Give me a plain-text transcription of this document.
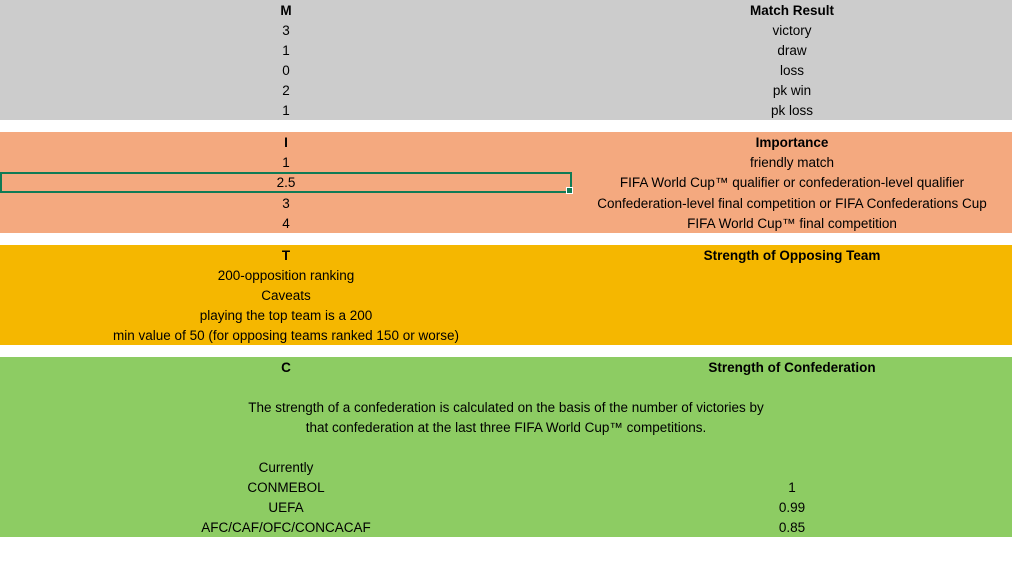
M	Match Result
3	victory
1	draw
0	loss
2	pk win
1	pk loss
I	Importance
1	friendly match
2.5	FIFA World Cup™ qualifier or confederation-level qualifier
3	Confederation-level final competition or FIFA Confederations Cup
4	FIFA World Cup™ final competition
T	Strength of Opposing Team
200-opposition ranking
Caveats
playing the top team is a 200
min value of 50 (for opposing teams ranked 150 or worse)
C	Strength of Confederation
The strength of a confederation is calculated on the basis of the number of victories by
that confederation at the last three FIFA World Cup™ competitions.
Currently
CONMEBOL	1
UEFA	0.99
AFC/CAF/OFC/CONCACAF	0.85
